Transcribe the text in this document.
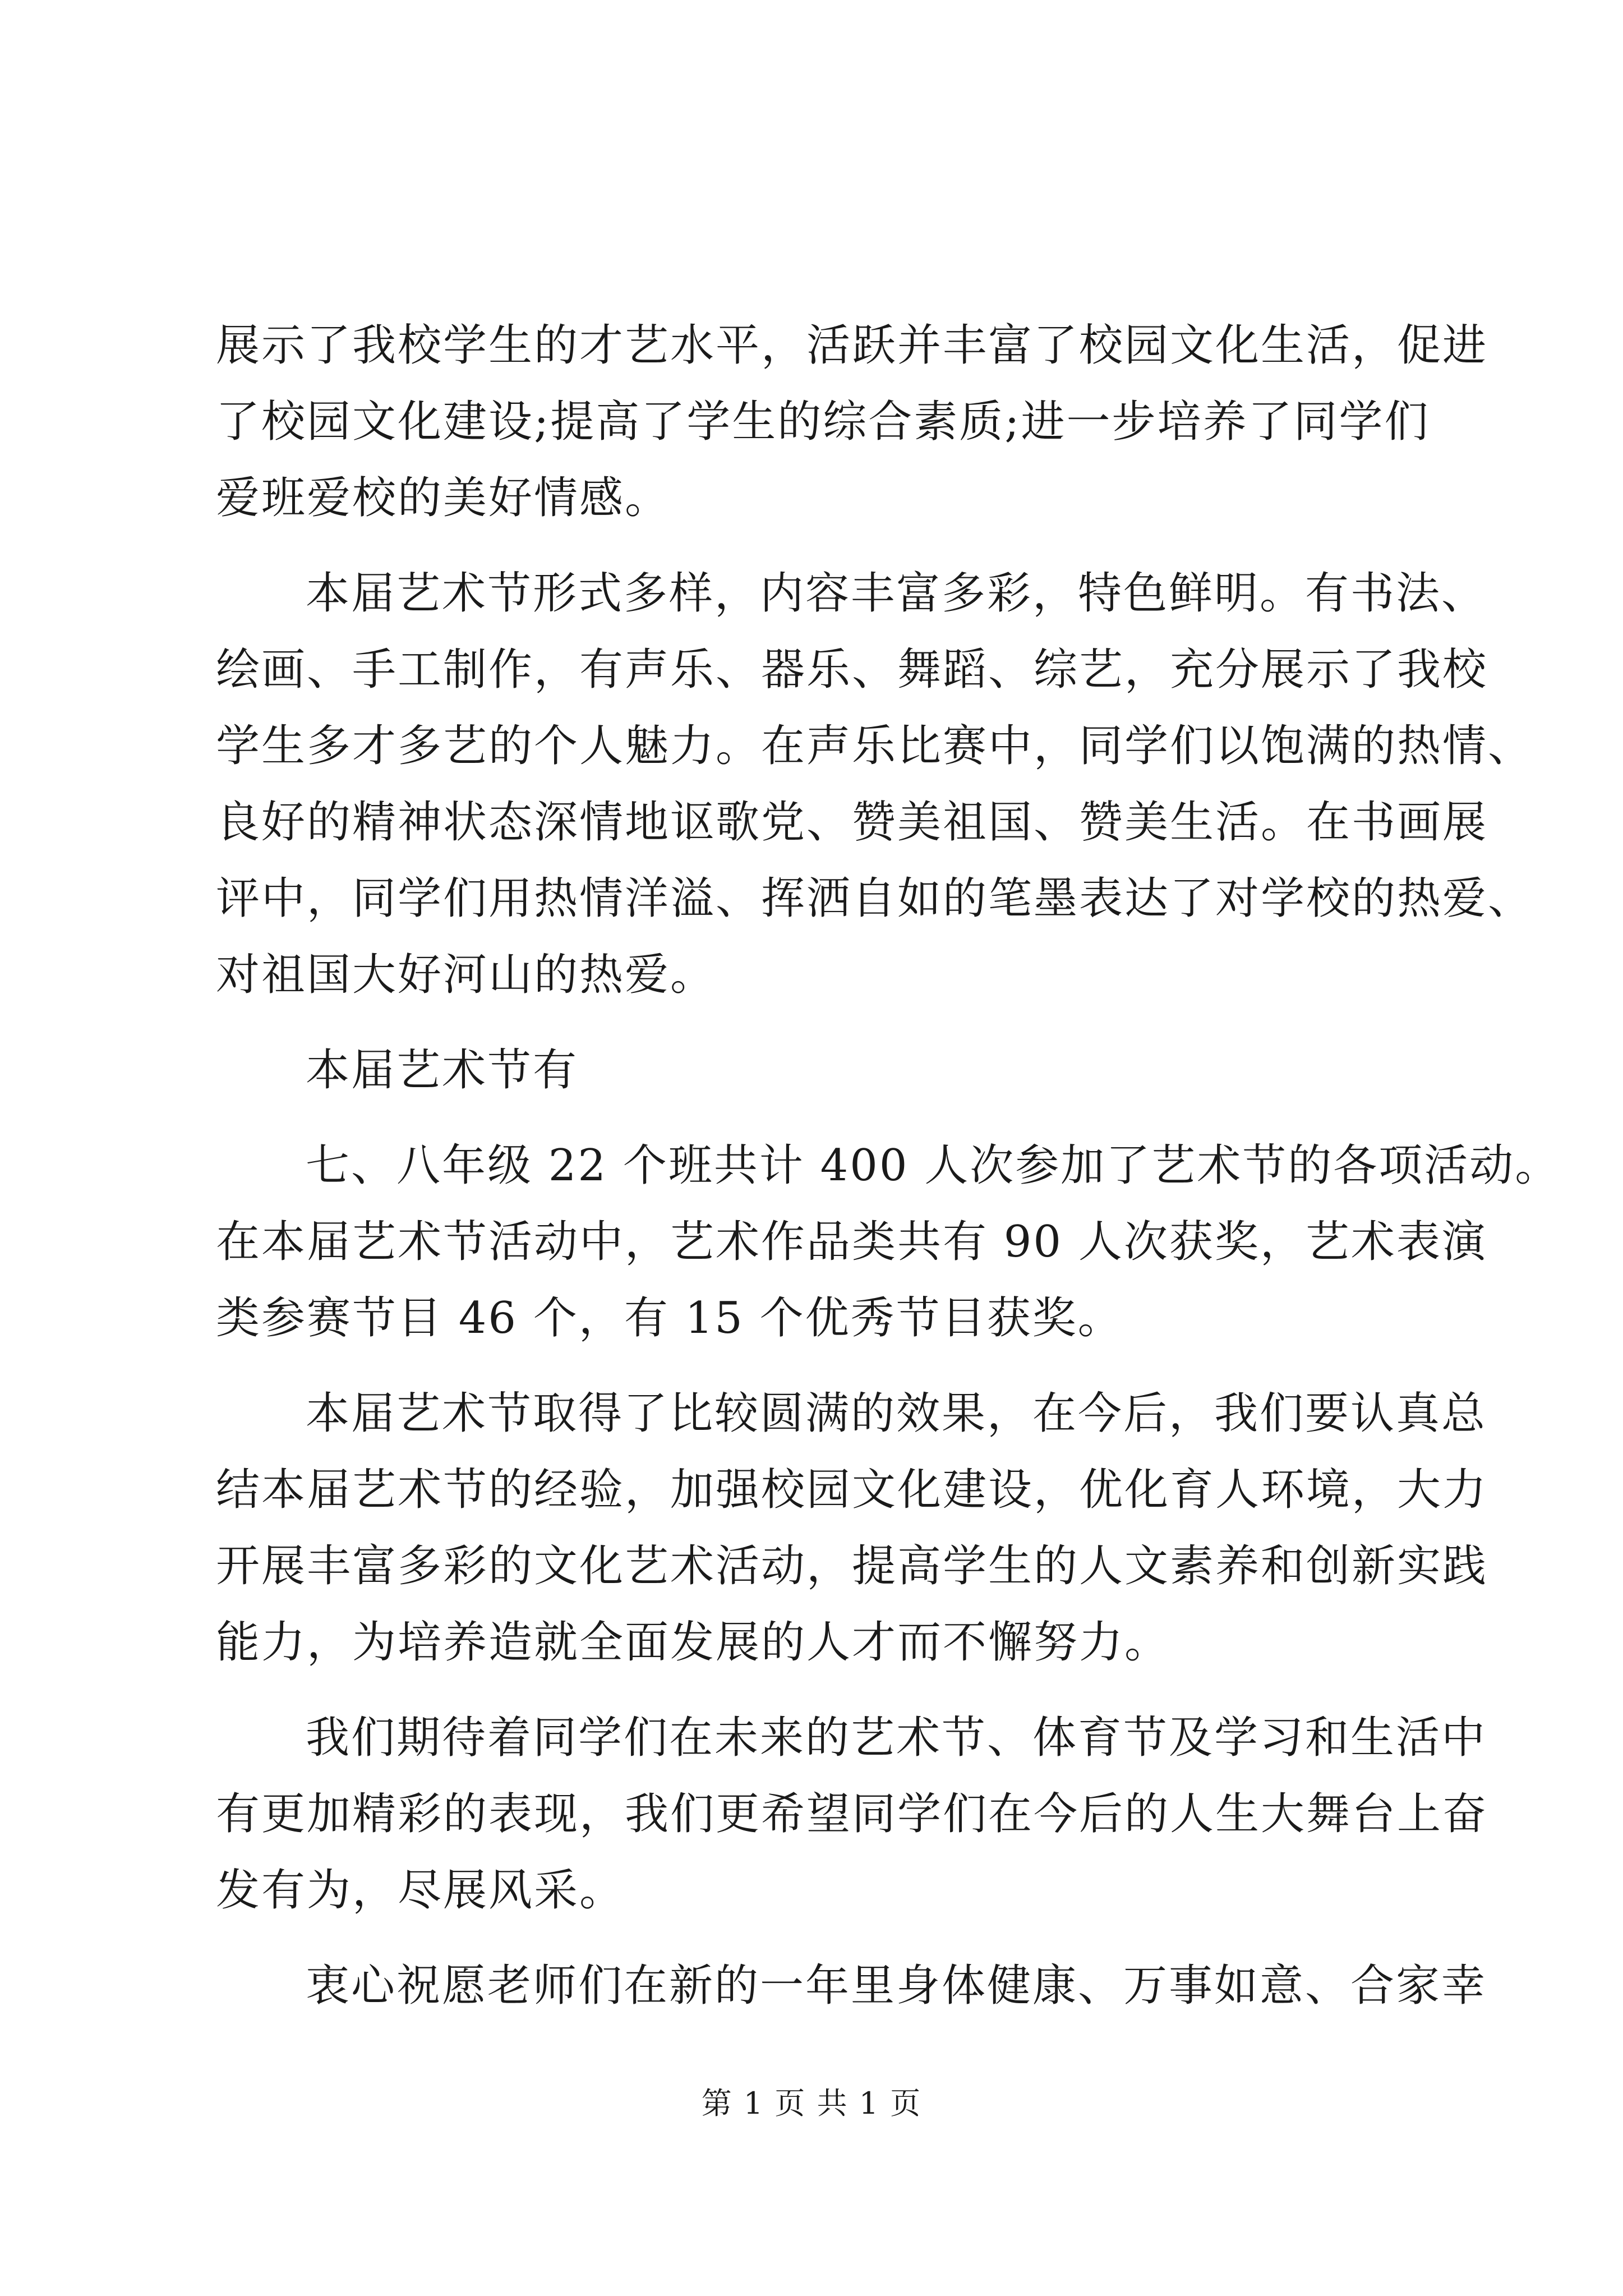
展示了我校学生的才艺水平，活跃并丰富了校园文化生活，促进
了校园文化建设;提高了学生的综合素质;进一步培养了同学们
爱班爱校的美好情感。
本届艺术节形式多样，内容丰富多彩，特色鲜明。有书法、
绘画、手工制作，有声乐、器乐、舞蹈、综艺，充分展示了我校
学生多才多艺的个人魅力。在声乐比赛中，同学们以饱满的热情、
良好的精神状态深情地讴歌党、赞美祖国、赞美生活。在书画展
评中，同学们用热情洋溢、挥洒自如的笔墨表达了对学校的热爱、
对祖国大好河山的热爱。
本届艺术节有
七、八年级 22 个班共计 400 人次参加了艺术节的各项活动。
在本届艺术节活动中，艺术作品类共有 90 人次获奖，艺术表演
类参赛节目 46 个，有 15 个优秀节目获奖。
本届艺术节取得了比较圆满的效果，在今后，我们要认真总
结本届艺术节的经验，加强校园文化建设，优化育人环境，大力
开展丰富多彩的文化艺术活动，提高学生的人文素养和创新实践
能力，为培养造就全面发展的人才而不懈努力。
我们期待着同学们在未来的艺术节、体育节及学习和生活中
有更加精彩的表现，我们更希望同学们在今后的人生大舞台上奋
发有为，尽展风采。
衷心祝愿老师们在新的一年里身体健康、万事如意、合家幸
第 1 页 共 1 页
